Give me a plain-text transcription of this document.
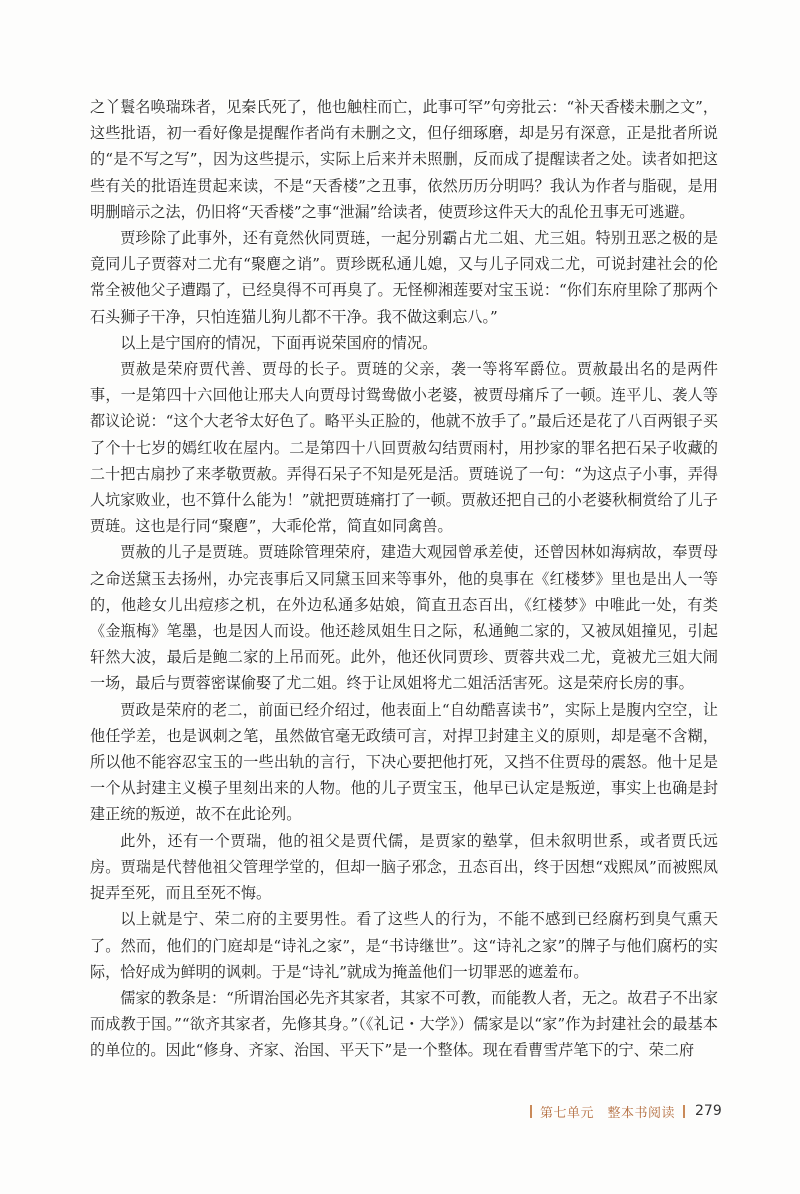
之丫鬟名唤瑞珠者，见秦氏死了，他也触柱而亡，此事可罕”句旁批云：“补天香楼未删之文”，这些批语，初一看好像是提醒作者尚有未删之文，但仔细琢磨，却是另有深意，正是批者所说的“是不写之写”，因为这些提示，实际上后来并未照删，反而成了提醒读者之处。读者如把这些有关的批语连贯起来读，不是“天香楼”之丑事，依然历历分明吗？我认为作者与脂砚，是用明删暗示之法，仍旧将“天香楼”之事“泄漏”给读者，使贾珍这件天大的乱伦丑事无可逃避。

贾珍除了此事外，还有竟然伙同贾琏，一起分别霸占尤二姐、尤三姐。特别丑恶之极的是竟同儿子贾蓉对二尤有“聚麀之诮”。贾珍既私通儿媳，又与儿子同戏二尤，可说封建社会的伦常全被他父子遭蹋了，已经臭得不可再臭了。无怪柳湘莲要对宝玉说：“你们东府里除了那两个石头狮子干净，只怕连猫儿狗儿都不干净。我不做这剩忘八。”

以上是宁国府的情况，下面再说荣国府的情况。

贾赦是荣府贾代善、贾母的长子。贾琏的父亲，袭一等将军爵位。贾赦最出名的是两件事，一是第四十六回他让邢夫人向贾母讨鸳鸯做小老婆，被贾母痛斥了一顿。连平儿、袭人等都议论说：“这个大老爷太好色了。略平头正脸的，他就不放手了。”最后还是花了八百两银子买了个十七岁的嫣红收在屋内。二是第四十八回贾赦勾结贾雨村，用抄家的罪名把石呆子收藏的二十把古扇抄了来孝敬贾赦。弄得石呆子不知是死是活。贾琏说了一句：“为这点子小事，弄得人坑家败业，也不算什么能为！”就把贾琏痛打了一顿。贾赦还把自己的小老婆秋桐赏给了儿子贾琏。这也是行同“聚麀”，大乖伦常，简直如同禽兽。

贾赦的儿子是贾琏。贾琏除管理荣府，建造大观园曾承差使，还曾因林如海病故，奉贾母之命送黛玉去扬州，办完丧事后又同黛玉回来等事外，他的臭事在《红楼梦》里也是出人一等的，他趁女儿出痘疹之机，在外边私通多姑娘，简直丑态百出，《红楼梦》中唯此一处，有类《金瓶梅》笔墨，也是因人而设。他还趁凤姐生日之际，私通鲍二家的，又被凤姐撞见，引起轩然大波，最后是鲍二家的上吊而死。此外，他还伙同贾珍、贾蓉共戏二尤，竟被尤三姐大闹一场，最后与贾蓉密谋偷娶了尤二姐。终于让凤姐将尤二姐活活害死。这是荣府长房的事。

贾政是荣府的老二，前面已经介绍过，他表面上“自幼酷喜读书”，实际上是腹内空空，让他任学差，也是讽刺之笔，虽然做官毫无政绩可言，对捍卫封建主义的原则，却是毫不含糊，所以他不能容忍宝玉的一些出轨的言行，下决心要把他打死，又挡不住贾母的震怒。他十足是一个从封建主义模子里刻出来的人物。他的儿子贾宝玉，他早已认定是叛逆，事实上也确是封建正统的叛逆，故不在此论列。

此外，还有一个贾瑞，他的祖父是贾代儒，是贾家的塾掌，但未叙明世系，或者贾氏远房。贾瑞是代替他祖父管理学堂的，但却一脑子邪念，丑态百出，终于因想“戏熙凤”而被熙凤捉弄至死，而且至死不悔。

以上就是宁、荣二府的主要男性。看了这些人的行为，不能不感到已经腐朽到臭气熏天了。然而，他们的门庭却是“诗礼之家”，是“书诗继世”。这“诗礼之家”的牌子与他们腐朽的实际，恰好成为鲜明的讽刺。于是“诗礼”就成为掩盖他们一切罪恶的遮羞布。

儒家的教条是：“所谓治国必先齐其家者，其家不可教，而能教人者，无之。故君子不出家而成教于国。”“欲齐其家者，先修其身。”（《礼记・大学》）儒家是以“家”作为封建社会的最基本的单位的。因此“修身、齐家、治国、平天下”是一个整体。现在看曹雪芹笔下的宁、荣二府

第七单元　整本书阅读 279
